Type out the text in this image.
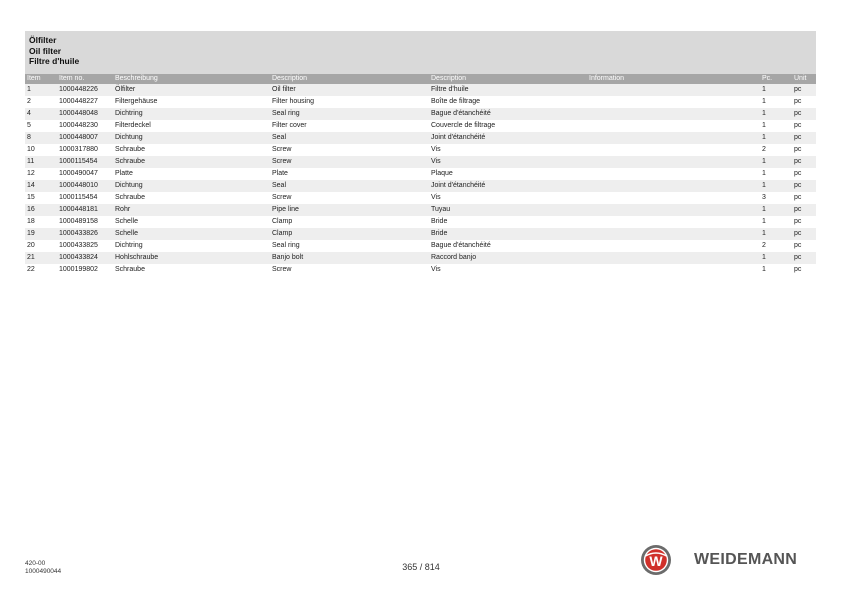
Ölfilter
Oil filter
Filtre d'huile
Item	Item no.	Beschreibung	Description	Description	Information	Pc.	Unit
1	1000448226	Ölfilter	Oil filter	Filtre d'huile		1	pc
2	1000448227	Filtergehäuse	Filter housing	Boîte de filtrage		1	pc
4	1000448048	Dichtring	Seal ring	Bague d'étanchéité		1	pc
5	1000448230	Filterdeckel	Filter cover	Couvercle de filtrage		1	pc
8	1000448007	Dichtung	Seal	Joint d'étanchéité		1	pc
10	1000317880	Schraube	Screw	Vis		2	pc
11	1000115454	Schraube	Screw	Vis		1	pc
12	1000490047	Platte	Plate	Plaque		1	pc
14	1000448010	Dichtung	Seal	Joint d'étanchéité		1	pc
15	1000115454	Schraube	Screw	Vis		3	pc
16	1000448181	Rohr	Pipe line	Tuyau		1	pc
18	1000489158	Schelle	Clamp	Bride		1	pc
19	1000433826	Schelle	Clamp	Bride		1	pc
20	1000433825	Dichtring	Seal ring	Bague d'étanchéité		2	pc
21	1000433824	Hohlschraube	Banjo bolt	Raccord banjo		1	pc
22	1000199802	Schraube	Screw	Vis		1	pc
420-00
1000490044	365 / 814	W WEIDEMANN
